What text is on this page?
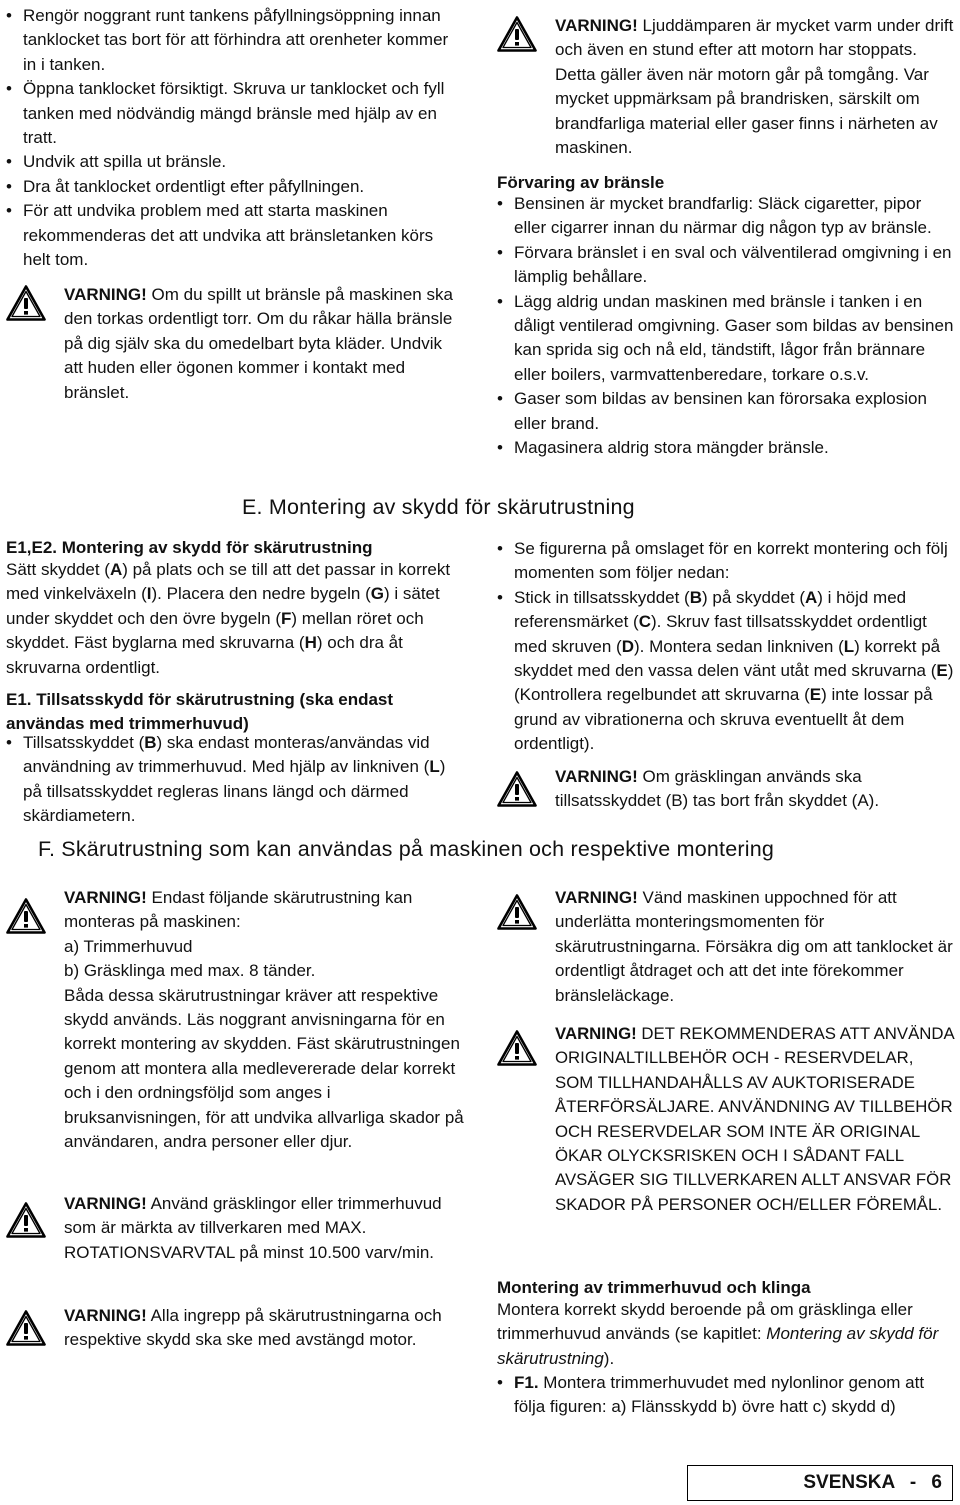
• Rengör noggrant runt tankens påfyllningsöppning innan tanklocket tas bort för att förhindra att orenheter kommer in i tanken.
• Öppna tanklocket försiktigt. Skruva ur tanklocket och fyll tanken med nödvändig mängd bränsle med hjälp av en tratt.
• Undvik att spilla ut bränsle.
• Dra åt tanklocket ordentligt efter påfyllningen.
• För att undvika problem med att starta maskinen rekommenderas det att undvika att bränsletanken körs helt tom.

VARNING! Om du spillt ut bränsle på maskinen ska den torkas ordentligt torr. Om du råkar hälla bränsle på dig själv ska du omedelbart byta kläder. Undvik att huden eller ögonen kommer i kontakt med bränslet.

VARNING! Ljuddämparen är mycket varm under drift och även en stund efter att motorn har stoppats. Detta gäller även när motorn går på tomgång. Var mycket uppmärksam på brandrisken, särskilt om brandfarliga material eller gaser finns i närheten av maskinen.

Förvaring av bränsle

• Bensinen är mycket brandfarlig: Släck cigaretter, pipor eller cigarrer innan du närmar dig någon typ av bränsle.
• Förvara bränslet i en sval och välventilerad omgivning i en lämplig behållare.
• Lägg aldrig undan maskinen med bränsle i tanken i en dåligt ventilerad omgivning. Gaser som bildas av bensinen kan sprida sig och nå eld, tändstift, lågor från brännare eller boilers, varmvattenberedare, torkare o.s.v.
• Gaser som bildas av bensinen kan förorsaka explosion eller brand.
• Magasinera aldrig stora mängder bränsle.
E. Montering av skydd för skärutrustning

E1,E2. Montering av skydd för skärutrustning

Sätt skyddet (A) på plats och se till att det passar in korrekt med vinkelväxeln (I). Placera den nedre bygeln (G) i sätet under skyddet och den övre bygeln (F) mellan röret och skyddet. Fäst byglarna med skruvarna (H) och dra åt skruvarna ordentligt.

E1. Tillsatsskydd för skärutrustning (ska endast användas med trimmerhuvud)

• Tillsatsskyddet (B) ska endast monteras/användas vid användning av trimmerhuvud. Med hjälp av linkniven (L) på tillsatsskyddet regleras linans längd och därmed skärdiametern.
• Se figurerna på omslaget för en korrekt montering och följ momenten som följer nedan:
• Stick in tillsatsskyddet (B) på skyddet (A) i höjd med referensmärket (C). Skruv fast tillsatsskyddet ordentligt med skruven (D). Montera sedan linkniven (L) korrekt på skyddet med den vassa delen vänt utåt med skruvarna (E) (Kontrollera regelbundet att skruvarna (E) inte lossar på grund av vibrationerna och skruva eventuellt åt dem ordentligt).

VARNING! Om gräsklingan används ska tillsatsskyddet (B) tas bort från skyddet (A).

F. Skärutrustning som kan användas på maskinen och respektive montering

VARNING! Endast följande skärutrustning kan monteras på maskinen:

a) Trimmerhuvud

b) Gräsklinga med max. 8 tänder.

Båda dessa skärutrustningar kräver att respektive skydd används. Läs noggrant anvisningarna för en korrekt montering av skydden. Fäst skärutrustningen genom att montera alla medlevererade delar korrekt och i den ordningsföljd som anges i bruksanvisningen, för att undvika allvarliga skador på användaren, andra personer eller djur.

VARNING! Använd gräsklingor eller trimmerhuvud som är märkta av tillverkaren med MAX. ROTATIONSVARVTAL på minst 10.500 varv/min.

VARNING! Alla ingrepp på skärutrustningarna och respektive skydd ska ske med avstängd motor.

VARNING! Vänd maskinen uppochned för att underlätta monteringsmomenten för skärutrustningarna. Försäkra dig om att tanklocket är ordentligt åtdraget och att det inte förekommer bränsleläckage.

VARNING! DET REKOMMENDERAS ATT ANVÄNDA ORIGINALTILLBEHÖR OCH - RESERVDELAR, SOM TILLHANDAHÅLLS AV AUKTORISERADE ÅTERFÖRSÄLJARE. ANVÄNDNING AV TILLBEHÖR OCH RESERVDELAR SOM INTE ÄR ORIGINAL ÖKAR OLYCKSRISKEN OCH I SÅDANT FALL AVSÄGER SIG TILLVERKAREN ALLT ANSVAR FÖR SKADOR PÅ PERSONER OCH/ELLER FÖREMÅL.

Montering av trimmerhuvud och klinga

Montera korrekt skydd beroende på om gräsklinga eller trimmerhuvud används (se kapitlet: Montering av skydd för skärutrustning).

• F1. Montera trimmerhuvudet med nylonlinor genom att följa figuren: a) Flänsskydd b) övre hatt c) skydd d)
SVENSKA - 6
